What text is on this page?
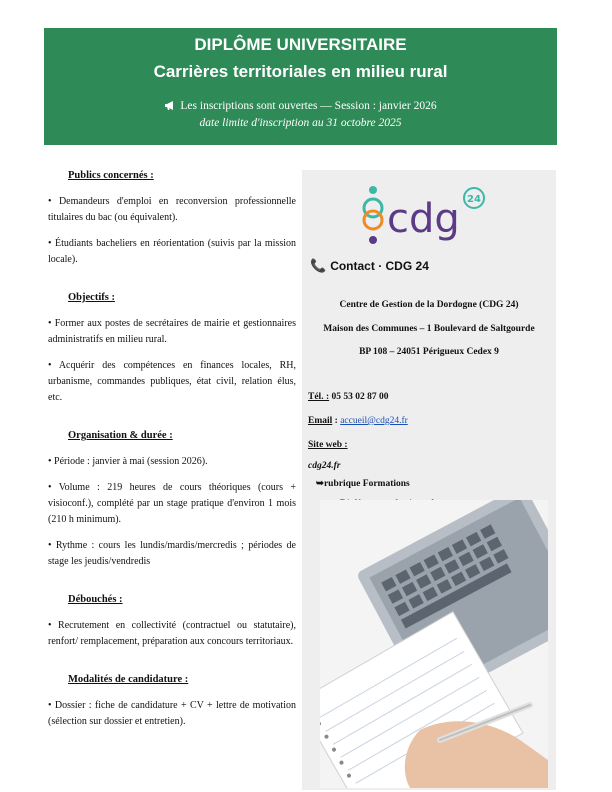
DIPLÔME UNIVERSITAIRE
Carrières territoriales en milieu rural
Les inscriptions sont ouvertes — Session : janvier 2026
date limite d'inscription au 31 octobre 2025
Publics concernés :
• Demandeurs d'emploi en reconversion professionnelle titulaires du bac (ou équivalent).
• Étudiants bacheliers en réorientation (suivis par la mission locale).
Objectifs :
• Former aux postes de secrétaires de mairie et gestionnaires administratifs en milieu rural.
• Acquérir des compétences en finances locales, RH, urbanisme, commandes publiques, état civil, relation élus, etc.
Organisation & durée :
• Période : janvier à mai (session 2026).
• Volume : 219 heures de cours théoriques (cours + visioconf.), complété par un stage pratique d'environ 1 mois (210 h minimum).
• Rythme : cours les lundis/mardis/mercredis ; périodes de stage les jeudis/vendredis
Débouchés :
• Recrutement en collectivité (contractuel ou statutaire), renfort/ remplacement, préparation aux concours territoriaux.
Modalités de candidature :
• Dossier : fiche de candidature + CV + lettre de motivation (sélection sur dossier et entretien).
cdg 24
📞 Contact · CDG 24
Centre de Gestion de la Dordogne (CDG 24)
Maison des Communes – 1 Boulevard de Saltgourde
BP 108 – 24051 Périgueux Cedex 9
Tél. : 05 53 02 87 00
Email : accueil@cdg24.fr
Site web :
cdg24.fr
➥rubrique Formations
